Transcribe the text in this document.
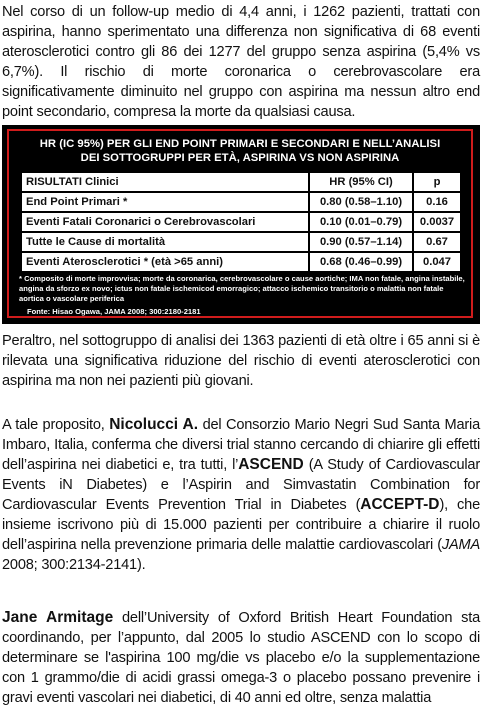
Nel corso di un follow-up medio di 4,4 anni, i 1262 pazienti, trattati con aspirina, hanno sperimentato una differenza non significativa di 68 eventi aterosclerotici contro gli 86 dei 1277 del gruppo senza aspirina (5,4% vs 6,7%). Il rischio di morte coronarica o cerebrovascolare era significativamente diminuito nel gruppo con aspirina ma nessun altro end point secondario, compresa la morte da qualsiasi causa.

HR (IC 95%) PER GLI END POINT PRIMARI E SECONDARI E NELL’ANALISI
DEI SOTTOGRUPPI PER ETÀ, ASPIRINA VS NON ASPIRINA
RISULTATI Clinici	HR (95% CI)	p
End Point Primari *	0.80 (0.58–1.10)	0.16
Eventi Fatali Coronarici o Cerebrovascolari	0.10 (0.01–0.79)	0.0037
Tutte le Cause di mortalità	0.90 (0.57–1.14)	0.67
Eventi Aterosclerotici * (età >65 anni)	0.68 (0.46–0.99)	0.047
* Composito di morte improvvisa; morte da coronarica, cerebrovascolare o cause aortiche; IMA non fatale, angina instabile, angina da sforzo ex novo; ictus non fatale ischemicod emorragico; attacco ischemico transitorio o malattia non fatale aortica o vascolare periferica
Fonte: Hisao Ogawa, JAMA 2008; 300:2180-2181

Peraltro, nel sottogruppo di analisi dei 1363 pazienti di età oltre i 65 anni si è rilevata una significativa riduzione del rischio di eventi aterosclerotici con aspirina ma non nei pazienti più giovani.

A tale proposito, Nicolucci A. del Consorzio Mario Negri Sud Santa Maria Imbaro, Italia, conferma che diversi trial stanno cercando di chiarire gli effetti dell’aspirina nei diabetici e, tra tutti, l’ASCEND (A Study of Cardiovascular Events iN Diabetes) e l’Aspirin and Simvastatin Combination for Cardiovascular Events Prevention Trial in Diabetes (ACCEPT-D), che insieme iscrivono più di 15.000 pazienti per contribuire a chiarire il ruolo dell’aspirina nella prevenzione primaria delle malattie cardiovascolari (JAMA 2008; 300:2134-2141).

Jane Armitage dell’University of Oxford British Heart Foundation sta coordinando, per l’appunto, dal 2005 lo studio ASCEND con lo scopo di determinare se l'aspirina 100 mg/die vs placebo e/o la supplementazione con 1 grammo/die di acidi grassi omega-3 o placebo possano prevenire i gravi eventi vascolari nei diabetici, di 40 anni ed oltre, senza malattia
